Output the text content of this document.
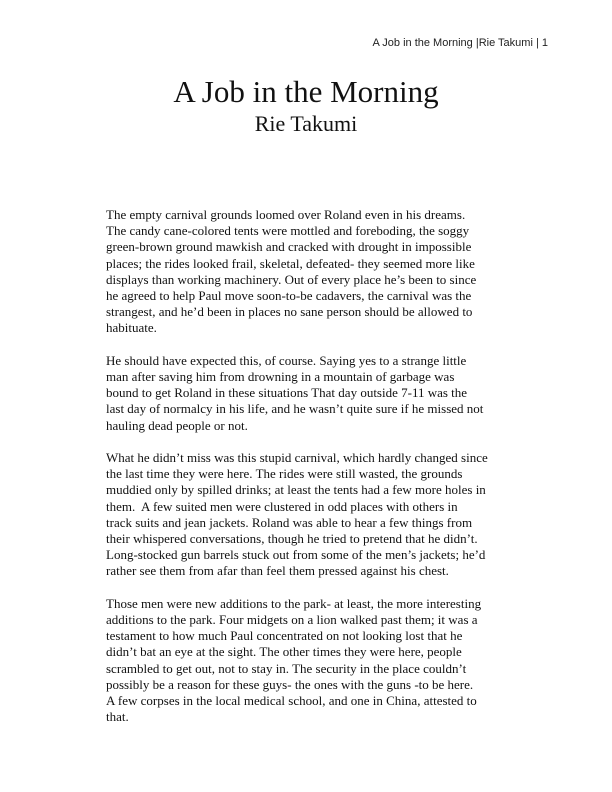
A Job in the Morning |Rie Takumi | 1
A Job in the Morning
Rie Takumi
The empty carnival grounds loomed over Roland even in his dreams.
The candy cane-colored tents were mottled and foreboding, the soggy
green-brown ground mawkish and cracked with drought in impossible
places; the rides looked frail, skeletal, defeated- they seemed more like
displays than working machinery. Out of every place he’s been to since
he agreed to help Paul move soon-to-be cadavers, the carnival was the
strangest, and he’d been in places no sane person should be allowed to
habituate.
He should have expected this, of course. Saying yes to a strange little
man after saving him from drowning in a mountain of garbage was
bound to get Roland in these situations That day outside 7-11 was the
last day of normalcy in his life, and he wasn’t quite sure if he missed not
hauling dead people or not.
What he didn’t miss was this stupid carnival, which hardly changed since
the last time they were here. The rides were still wasted, the grounds
muddied only by spilled drinks; at least the tents had a few more holes in
them.  A few suited men were clustered in odd places with others in
track suits and jean jackets. Roland was able to hear a few things from
their whispered conversations, though he tried to pretend that he didn’t.
Long-stocked gun barrels stuck out from some of the men’s jackets; he’d
rather see them from afar than feel them pressed against his chest.
Those men were new additions to the park- at least, the more interesting
additions to the park. Four midgets on a lion walked past them; it was a
testament to how much Paul concentrated on not looking lost that he
didn’t bat an eye at the sight. The other times they were here, people
scrambled to get out, not to stay in. The security in the place couldn’t
possibly be a reason for these guys- the ones with the guns -to be here.
A few corpses in the local medical school, and one in China, attested to
that.
